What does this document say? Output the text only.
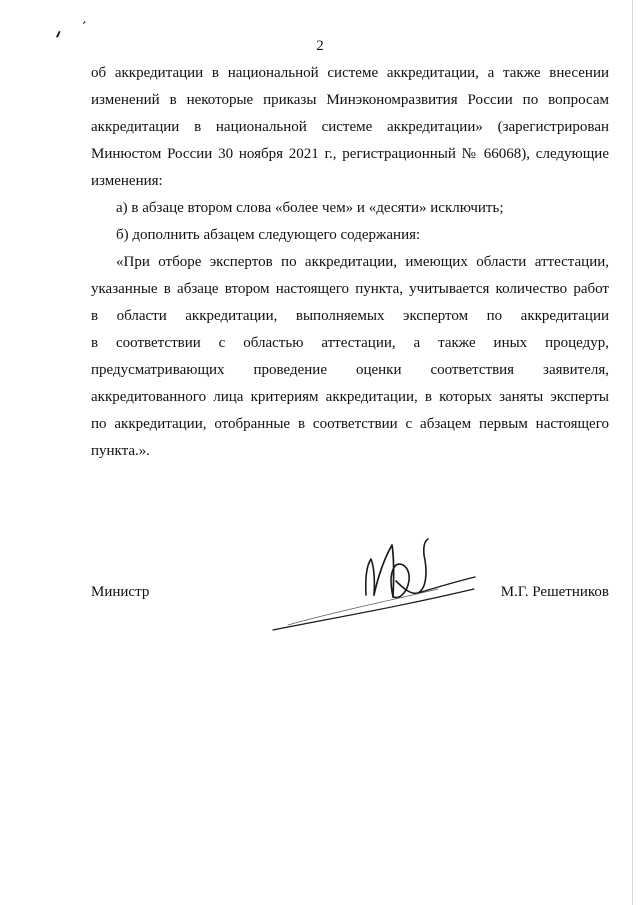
2
об аккредитации в национальной системе аккредитации, а также внесении
изменений в некоторые приказы Минэкономразвития России по вопросам
аккредитации в национальной системе аккредитации» (зарегистрирован
Минюстом России 30 ноября 2021 г., регистрационный № 66068), следующие
изменения:
а) в абзаце втором слова «более чем» и «десяти» исключить;
б) дополнить абзацем следующего содержания:
«При отборе экспертов по аккредитации, имеющих области аттестации,
указанные в абзаце втором настоящего пункта, учитывается количество работ
в области аккредитации, выполняемых экспертом по аккредитации
в соответствии с областью аттестации, а также иных процедур,
предусматривающих проведение оценки соответствия заявителя,
аккредитованного лица критериям аккредитации, в которых заняты эксперты
по аккредитации, отобранные в соответствии с абзацем первым настоящего
пункта.».
Министр	М.Г. Решетников
